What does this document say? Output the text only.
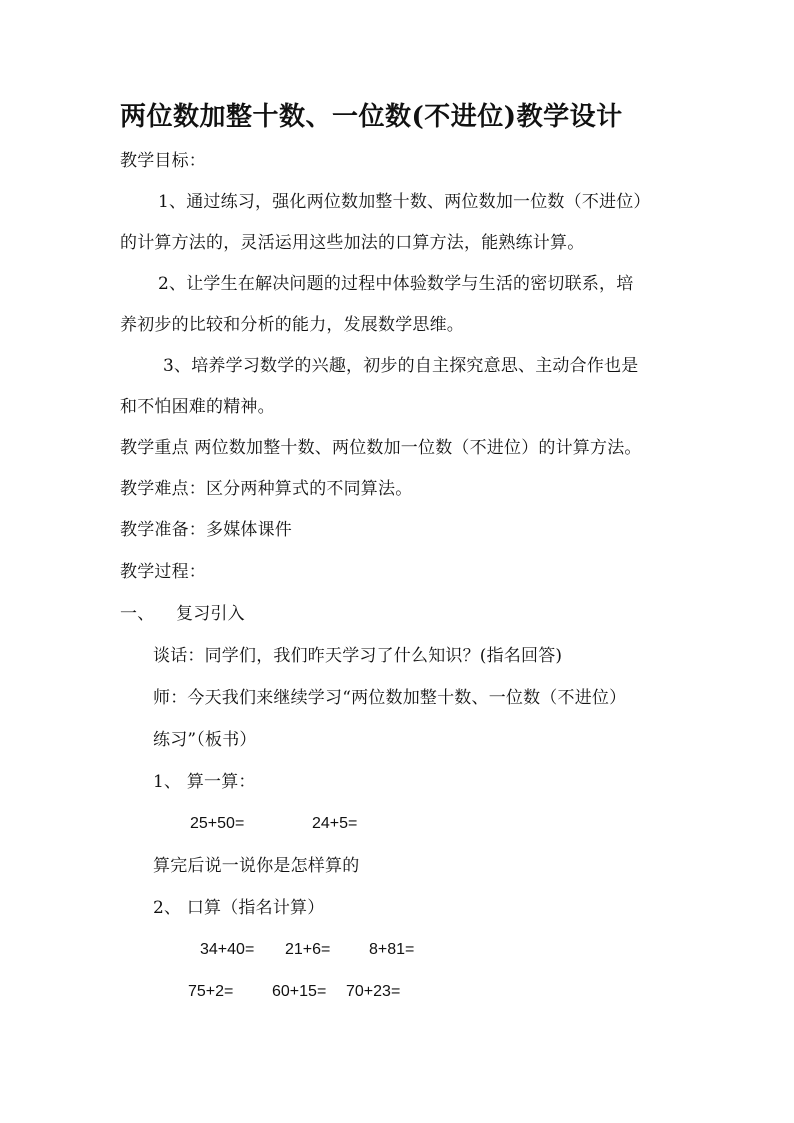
两位数加整十数、一位数(不进位)教学设计
教学目标：
1、通过练习，强化两位数加整十数、两位数加一位数（不进位）
的计算方法的，灵活运用这些加法的口算方法，能熟练计算。
2、让学生在解决问题的过程中体验数学与生活的密切联系，培
养初步的比较和分析的能力，发展数学思维。
3、培养学习数学的兴趣，初步的自主探究意思、主动合作也是
和不怕困难的精神。
教学重点 两位数加整十数、两位数加一位数（不进位）的计算方法。
教学难点：区分两种算式的不同算法。
教学准备：多媒体课件
教学过程：
一、 复习引入
谈话：同学们，我们昨天学习了什么知识？(指名回答)
师：今天我们来继续学习“两位数加整十数、一位数（不进位）
练习”（板书）
1、 算一算：
25+50=	24+5=
算完后说一说你是怎样算的
2、 口算（指名计算）
34+40= 21+6= 8+81=
75+2= 60+15= 70+23=
